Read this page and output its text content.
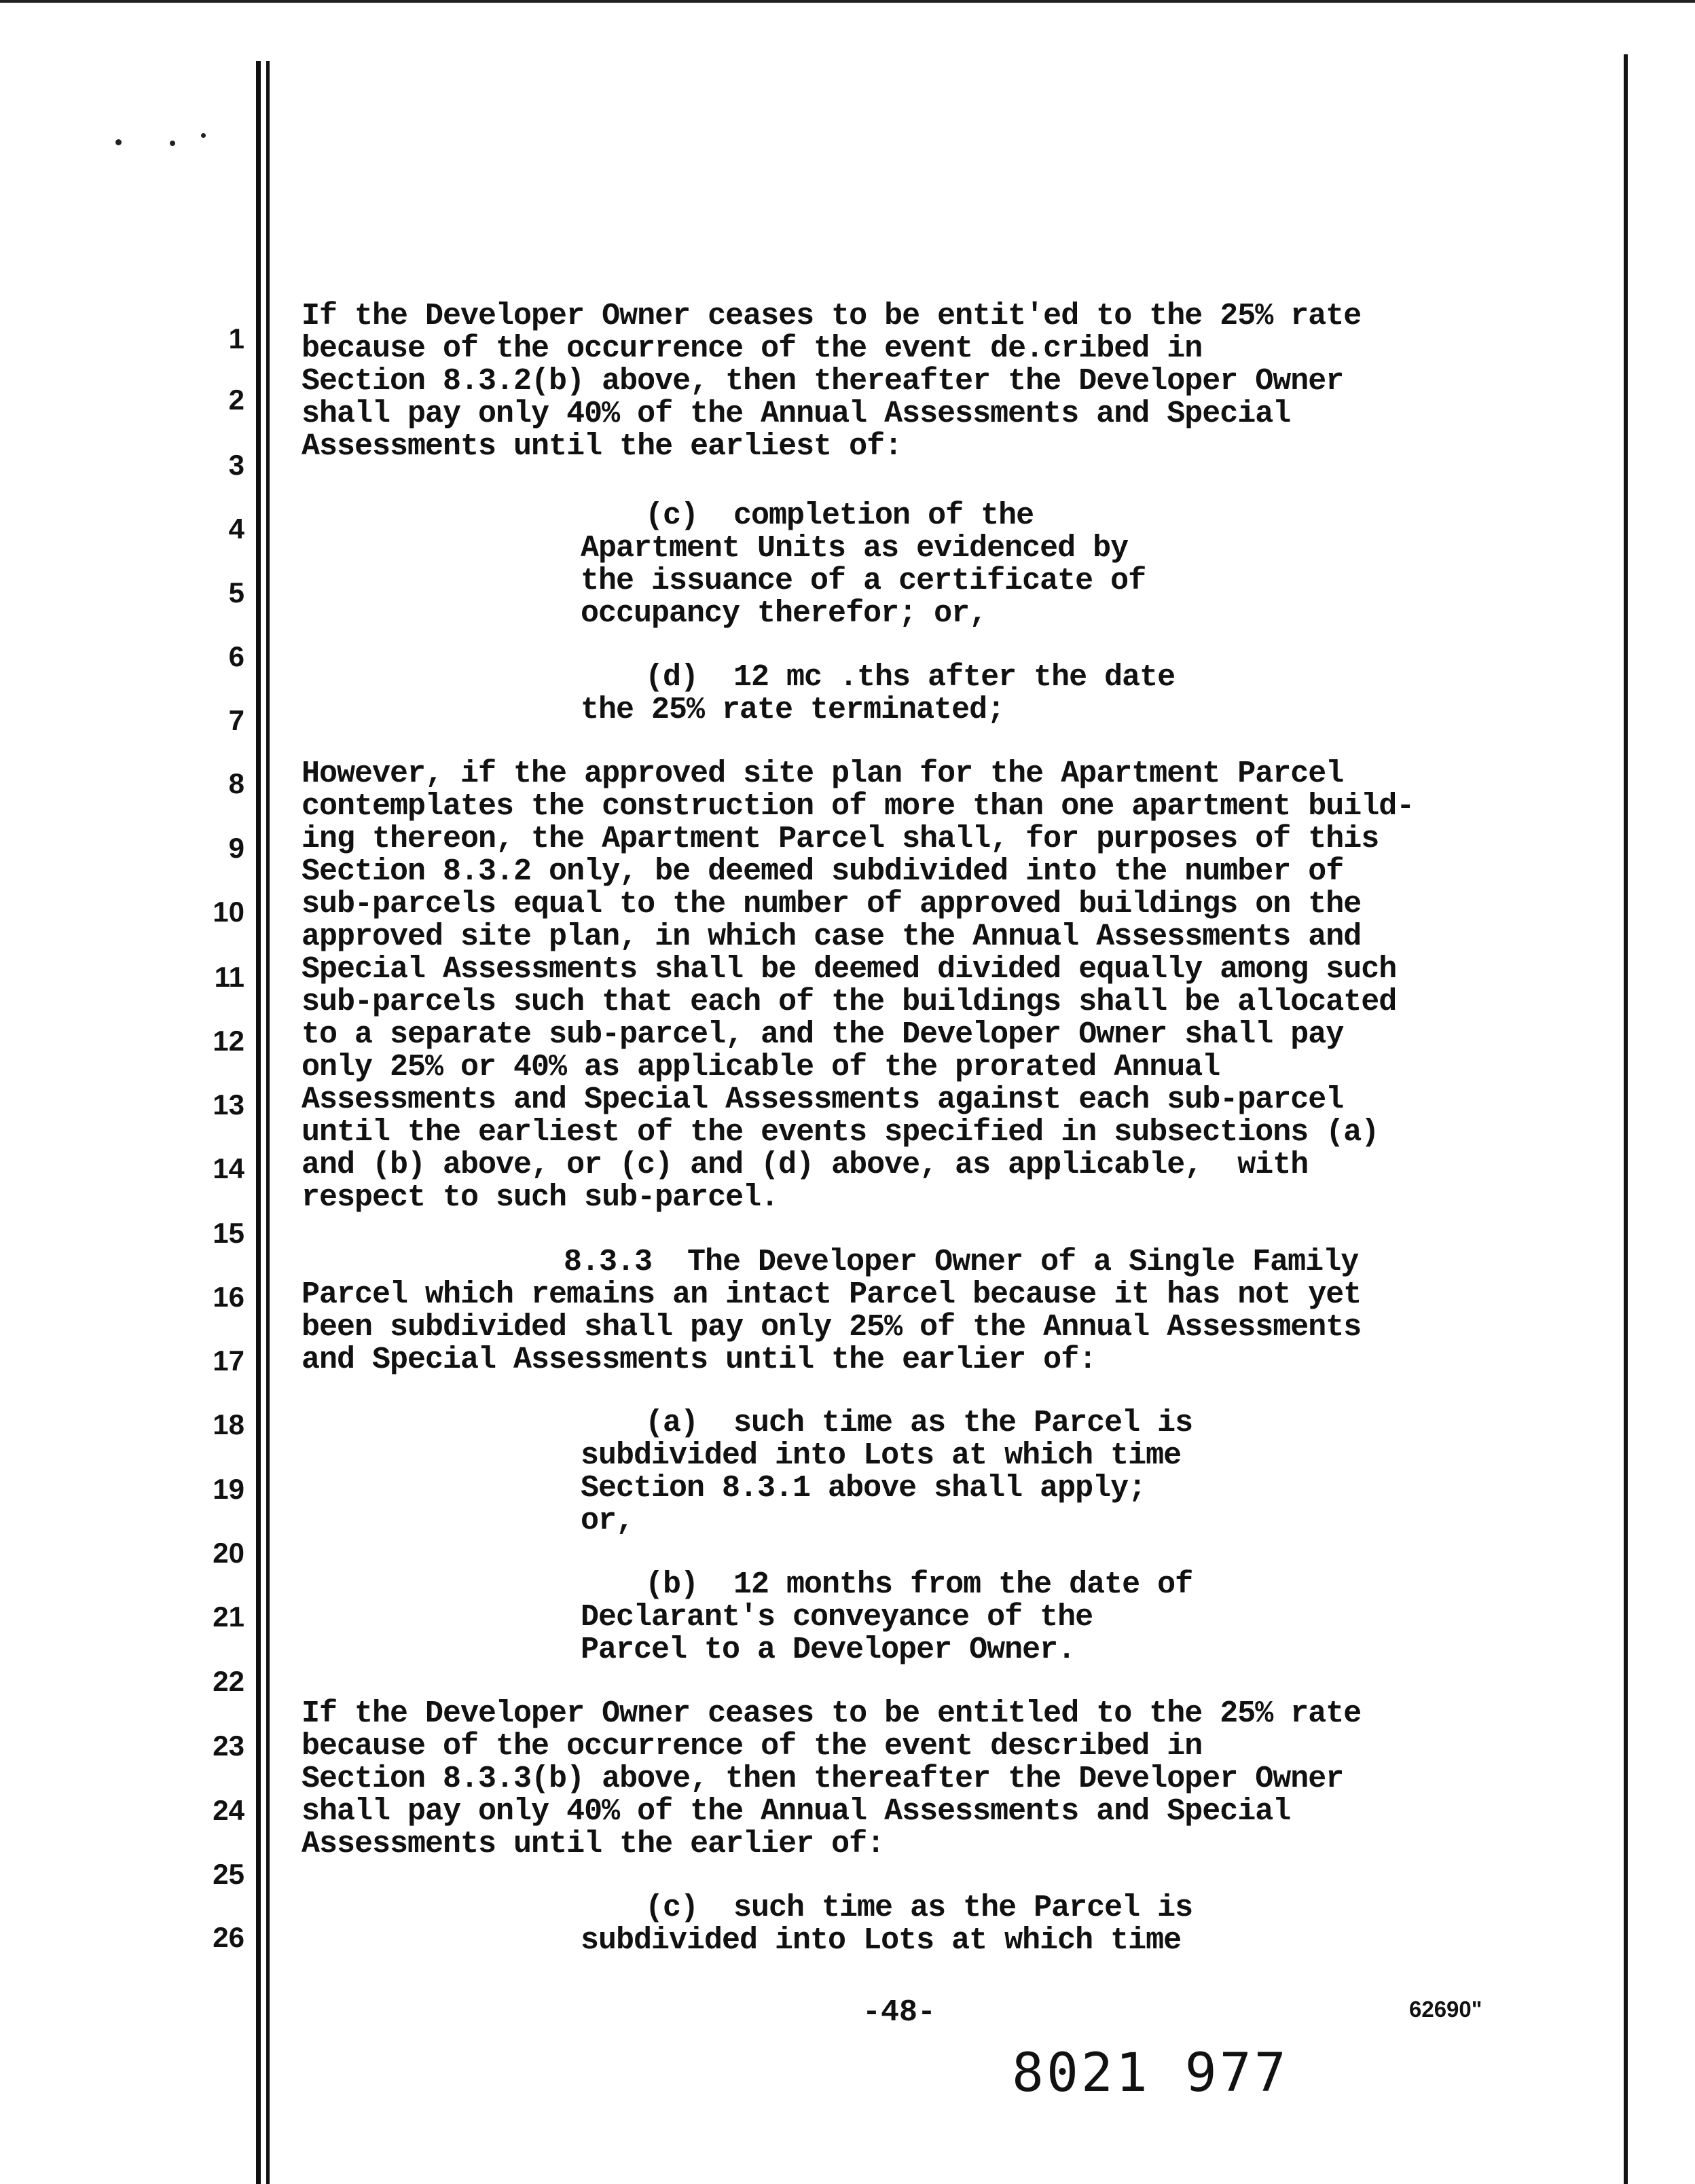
1
2
3
4
5
6
7
8
9
10
11
12
13
14
15
16
17
18
19
20
21
22
23
24
25
26
If the Developer Owner ceases to be entit'ed to the 25% rate
because of the occurrence of the event de.cribed in
Section 8.3.2(b) above, then thereafter the Developer Owner
shall pay only 40% of the Annual Assessments and Special
Assessments until the earliest of:
(c)  completion of the
Apartment Units as evidenced by
the issuance of a certificate of
occupancy therefor; or,
(d)  12 mc .ths after the date
the 25% rate terminated;
However, if the approved site plan for the Apartment Parcel
contemplates the construction of more than one apartment build-
ing thereon, the Apartment Parcel shall, for purposes of this
Section 8.3.2 only, be deemed subdivided into the number of
sub-parcels equal to the number of approved buildings on the
approved site plan, in which case the Annual Assessments and
Special Assessments shall be deemed divided equally among such
sub-parcels such that each of the buildings shall be allocated
to a separate sub-parcel, and the Developer Owner shall pay
only 25% or 40% as applicable of the prorated Annual
Assessments and Special Assessments against each sub-parcel
until the earliest of the events specified in subsections (a)
and (b) above, or (c) and (d) above, as applicable,  with
respect to such sub-parcel.
8.3.3  The Developer Owner of a Single Family
Parcel which remains an intact Parcel because it has not yet
been subdivided shall pay only 25% of the Annual Assessments
and Special Assessments until the earlier of:
(a)  such time as the Parcel is
subdivided into Lots at which time
Section 8.3.1 above shall apply;
or,
(b)  12 months from the date of
Declarant's conveyance of the
Parcel to a Developer Owner.
If the Developer Owner ceases to be entitled to the 25% rate
because of the occurrence of the event described in
Section 8.3.3(b) above, then thereafter the Developer Owner
shall pay only 40% of the Annual Assessments and Special
Assessments until the earlier of:
(c)  such time as the Parcel is
subdivided into Lots at which time
-48-
8021 977
62690"
